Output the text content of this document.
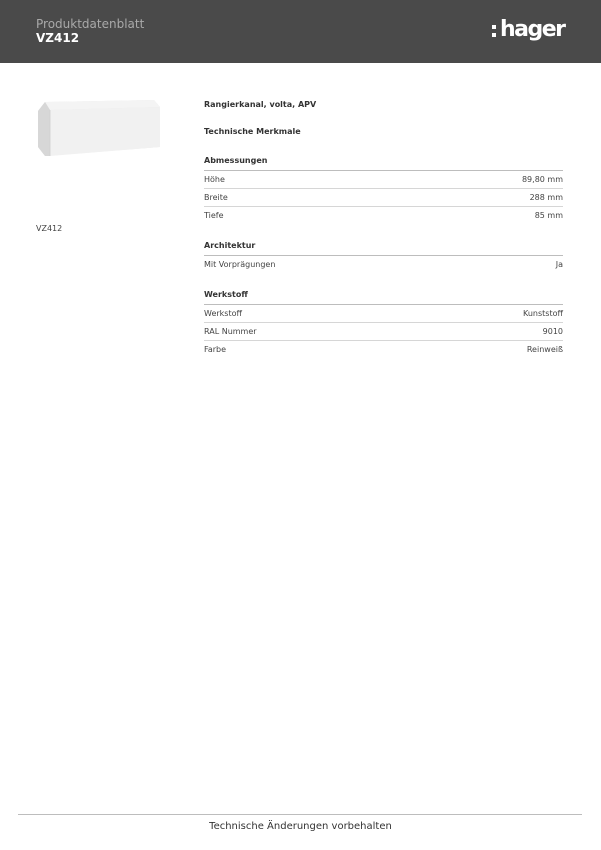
Produktdatenblatt
VZ412	hager
VZ412
Rangierkanal, volta, APV
Technische Merkmale
Abmessungen
Höhe	89,80 mm
Breite	288 mm
Tiefe	85 mm
Architektur
Mit Vorprägungen	Ja
Werkstoff
Werkstoff	Kunststoff
RAL Nummer	9010
Farbe	Reinweiß
Technische Änderungen vorbehalten
